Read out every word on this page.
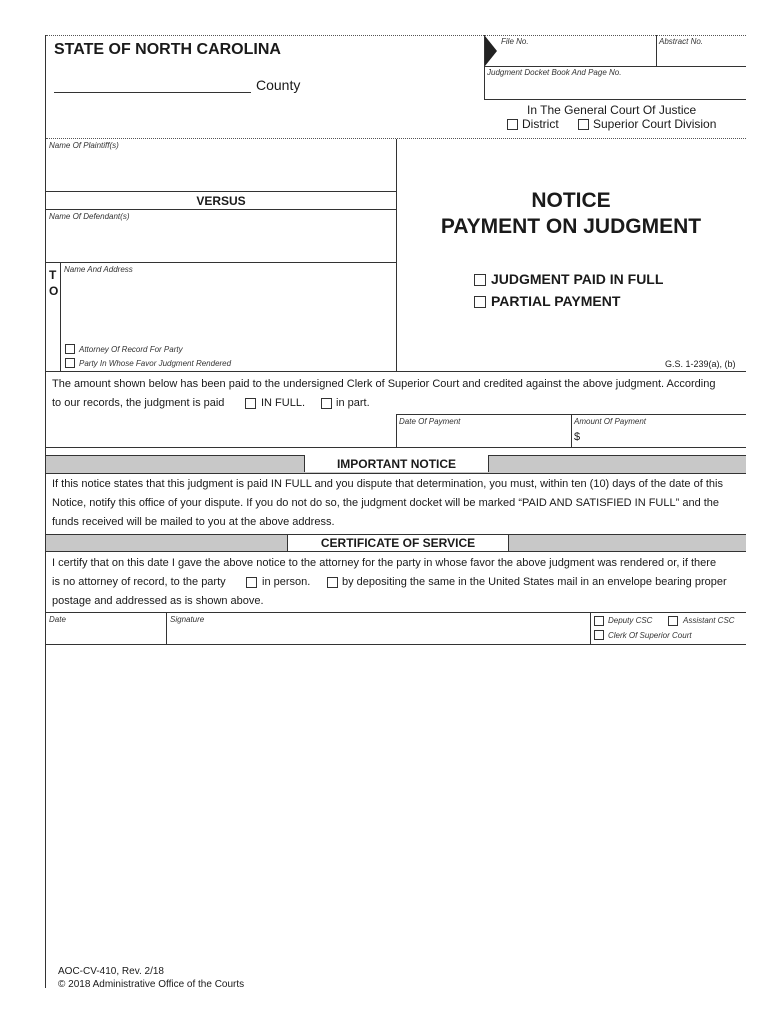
STATE OF NORTH CAROLINA
County
File No.	Abstract No.
Judgment Docket Book And Page No.
In The General Court Of Justice
District	Superior Court Division
Name Of Plaintiff(s)
VERSUS
Name Of Defendant(s)
T
O
Name And Address
Attorney Of Record For Party
Party In Whose Favor Judgment Rendered
NOTICE
PAYMENT ON JUDGMENT
JUDGMENT PAID IN FULL
PARTIAL PAYMENT
G.S. 1-239(a), (b)
The amount shown below has been paid to the undersigned Clerk of Superior Court and credited against the above judgment. According
to our records, the judgment is paid	IN FULL.	in part.
Date Of Payment	Amount Of Payment
$
IMPORTANT NOTICE
If this notice states that this judgment is paid IN FULL and you dispute that determination, you must, within ten (10) days of the date of this
Notice, notify this office of your dispute. If you do not do so, the judgment docket will be marked “PAID AND SATISFIED IN FULL” and the
funds received will be mailed to you at the above address.
CERTIFICATE OF SERVICE
I certify that on this date I gave the above notice to the attorney for the party in whose favor the above judgment was rendered or, if there
is no attorney of record, to the party	in person.	by depositing the same in the United States mail in an envelope bearing proper
postage and addressed as is shown above.
Date	Signature	Deputy CSC	Assistant CSC
Clerk Of Superior Court
AOC-CV-410, Rev. 2/18
© 2018 Administrative Office of the Courts
